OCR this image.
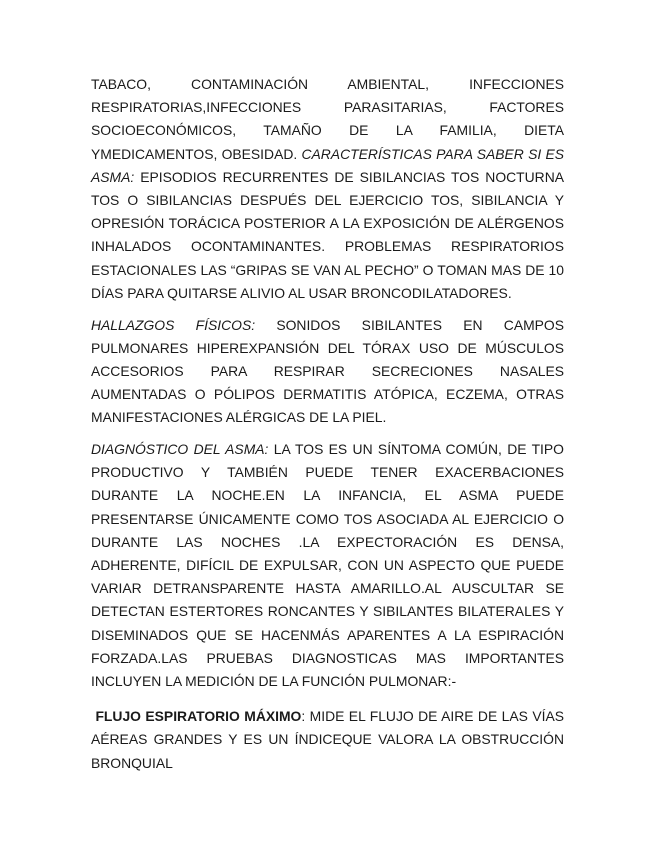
TABACO, CONTAMINACIÓN AMBIENTAL, INFECCIONES RESPIRATORIAS,INFECCIONES PARASITARIAS, FACTORES SOCIOECONÓMICOS, TAMAÑO DE LA FAMILIA, DIETA YMEDICAMENTOS, OBESIDAD. CARACTERÍSTICAS PARA SABER SI ES ASMA: EPISODIOS RECURRENTES DE SIBILANCIAS TOS NOCTURNA TOS O SIBILANCIAS DESPUÉS DEL EJERCICIO TOS, SIBILANCIA Y OPRESIÓN TORÁCICA POSTERIOR A LA EXPOSICIÓN DE ALÉRGENOS INHALADOS OCONTAMINANTES. PROBLEMAS RESPIRATORIOS ESTACIONALES LAS “GRIPAS SE VAN AL PECHO” O TOMAN MAS DE 10 DÍAS PARA QUITARSE ALIVIO AL USAR BRONCODILATADORES.

HALLAZGOS FÍSICOS: SONIDOS SIBILANTES EN CAMPOS PULMONARES HIPEREXPANSIÓN DEL TÓRAX USO DE MÚSCULOS ACCESORIOS PARA RESPIRAR SECRECIONES NASALES AUMENTADAS O PÓLIPOS DERMATITIS ATÓPICA, ECZEMA, OTRAS MANIFESTACIONES ALÉRGICAS DE LA PIEL.

DIAGNÓSTICO DEL ASMA: LA TOS ES UN SÍNTOMA COMÚN, DE TIPO PRODUCTIVO Y TAMBIÉN PUEDE TENER EXACERBACIONES DURANTE LA NOCHE.EN LA INFANCIA, EL ASMA PUEDE PRESENTARSE ÚNICAMENTE COMO TOS ASOCIADA AL EJERCICIO O DURANTE LAS NOCHES .LA EXPECTORACIÓN ES DENSA, ADHERENTE, DIFÍCIL DE EXPULSAR, CON UN ASPECTO QUE PUEDE VARIAR DETRANSPARENTE HASTA AMARILLO.AL AUSCULTAR SE DETECTAN ESTERTORES RONCANTES Y SIBILANTES BILATERALES Y DISEMINADOS QUE SE HACENMÁS APARENTES A LA ESPIRACIÓN FORZADA.LAS PRUEBAS DIAGNOSTICAS MAS IMPORTANTES INCLUYEN LA MEDICIÓN DE LA FUNCIÓN PULMONAR:-

FLUJO ESPIRATORIO MÁXIMO: MIDE EL FLUJO DE AIRE DE LAS VÍAS AÉREAS GRANDES Y ES UN ÍNDICEQUE VALORA LA OBSTRUCCIÓN BRONQUIAL
